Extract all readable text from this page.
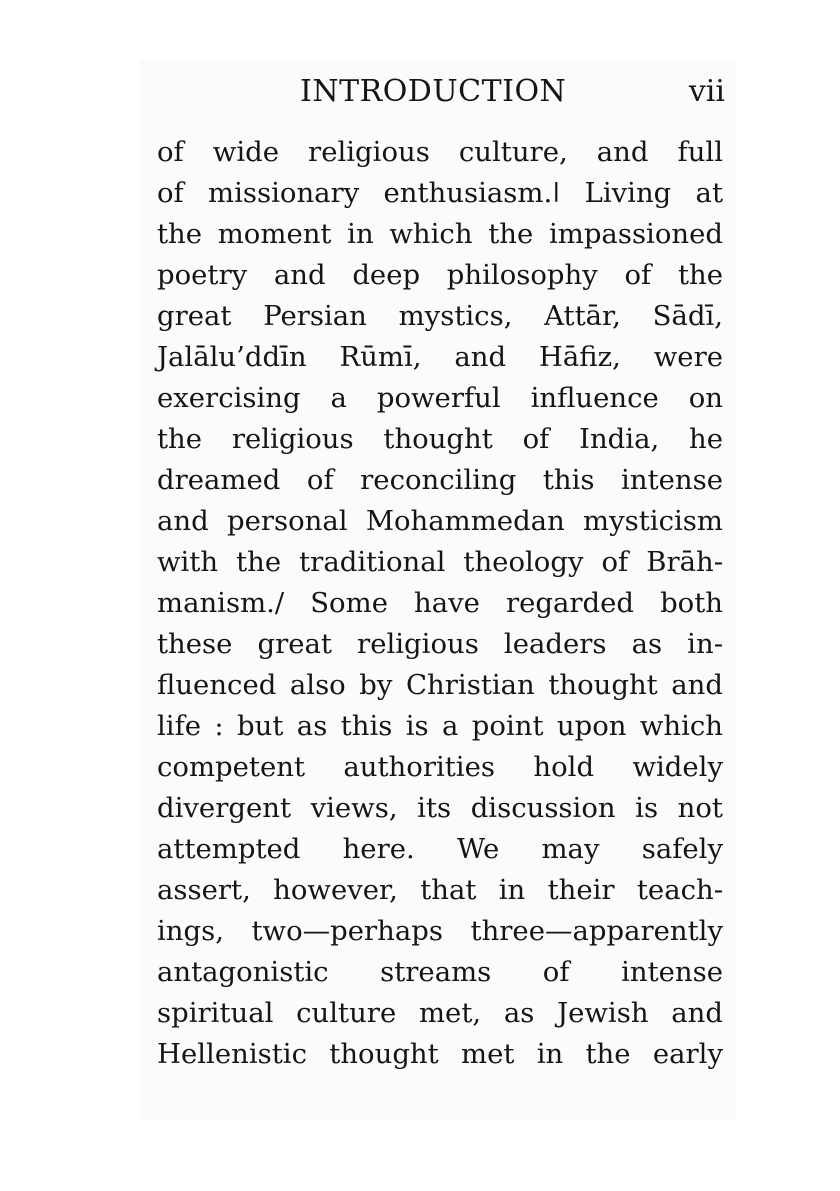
INTRODUCTION	vii
of wide religious culture, and full
of missionary enthusiasm.ǀ Living at
the moment in which the impassioned
poetry and deep philosophy of the
great Persian mystics, Attār, Sādī,
Jalālu’ddīn Rūmī, and Hāfiz, were
exercising a powerful influence on
the religious thought of India, he
dreamed of reconciling this intense
and personal Mohammedan mysticism
with the traditional theology of Brāh-
manism./ Some have regarded both
these great religious leaders as in-
fluenced also by Christian thought and
life : but as this is a point upon which
competent authorities hold widely
divergent views, its discussion is not
attempted here. We may safely
assert, however, that in their teach-
ings, two—perhaps three—apparently
antagonistic streams of intense
spiritual culture met, as Jewish and
Hellenistic thought met in the early
